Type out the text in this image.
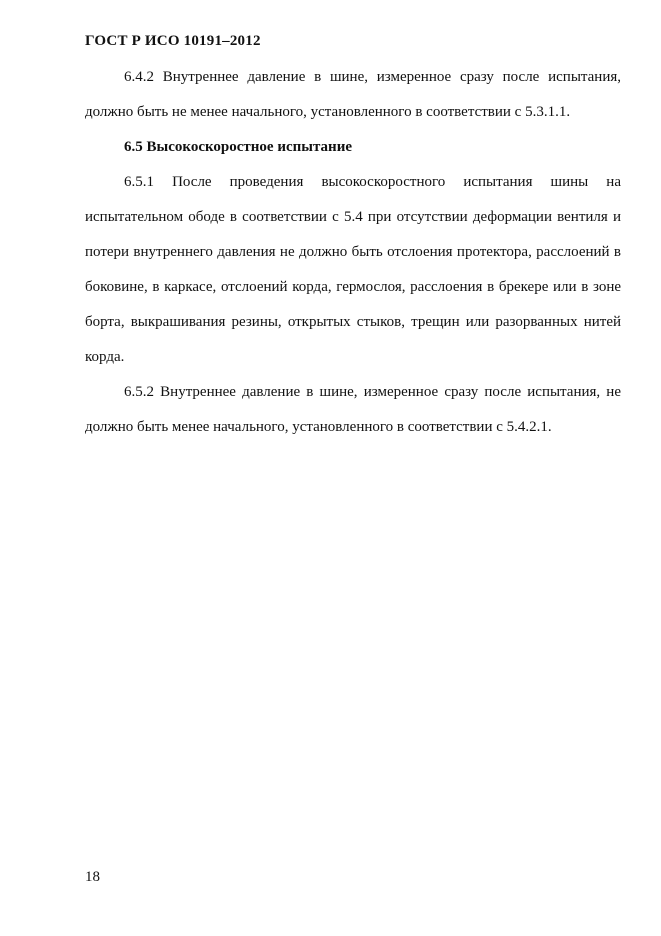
ГОСТ Р ИСО 10191–2012

6.4.2 Внутреннее давление в шине, измеренное сразу после испытания, должно быть не менее начального, установленного в соответствии с 5.3.1.1.

6.5 Высокоскоростное испытание

6.5.1 После проведения высокоскоростного испытания шины на испытательном ободе в соответствии с 5.4 при отсутствии деформации вентиля и потери внутреннего давления не должно быть отслоения протектора, расслоений в боковине, в каркасе, отслоений корда, гермослоя, расслоения в брекере или в зоне борта, выкрашивания резины, открытых стыков, трещин или разорванных нитей корда.

6.5.2 Внутреннее давление в шине, измеренное сразу после испытания, не должно быть менее начального, установленного в соответствии с 5.4.2.1.

18
